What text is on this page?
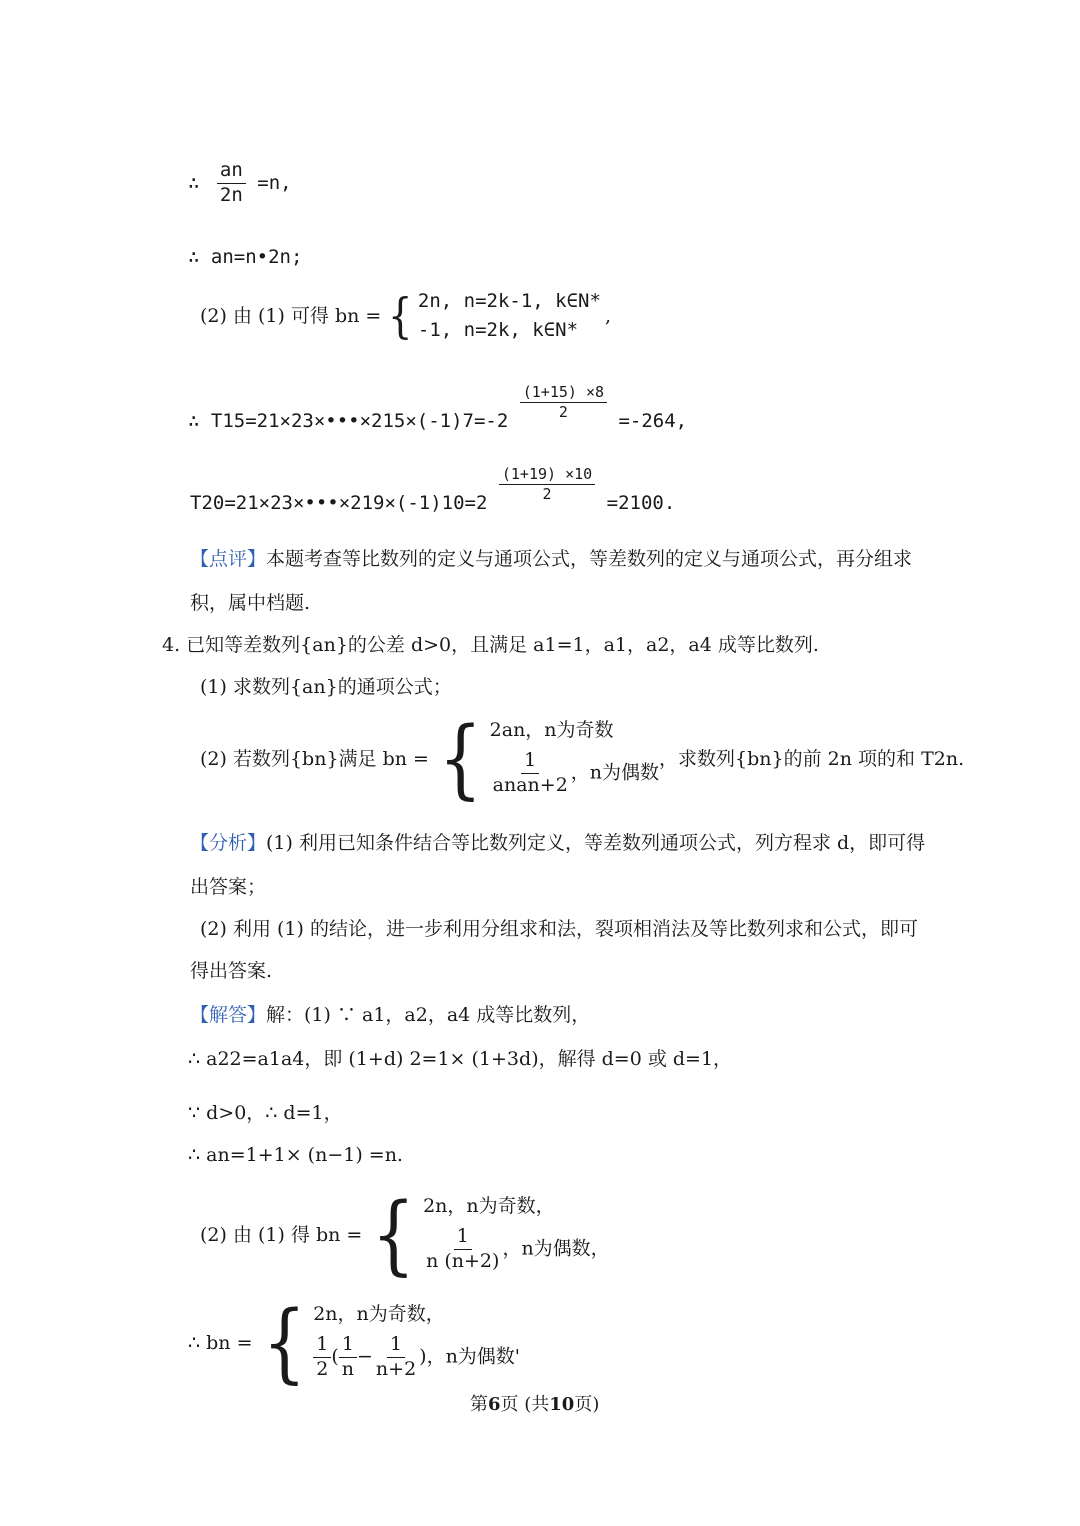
∴ $\frac{an}{2n} =n$,
∴ an=n•2n;
(2) 由 (1) 可得 bn = { 2n, n=2k-1, k∈N*
-1, n=2k, k∈N*
,
∴ T15=21×23×•••×215×(-1)7=-2 $\frac{(1+15) \times 8}{2} =-264$,
T20=21×23×•••×219×(-1)10=2 $\frac{(1+19) \times 10}{2} =2100$.
【点评】本题考查等比数列的定义与通项公式，等差数列的定义与通项公式，再分组求
积，属中档题.
4. 已知等差数列{an}的公差 d>0，且满足 a1=1，a1，a2，a4 成等比数列.
(1) 求数列{an}的通项公式；
(2) 若数列{bn}满足 bn = { 2an，n为奇数
$\frac{1}{\text{anan+2}}$ ，n为偶数
，求数列{bn}的前 2n 项的和 T2n.
【分析】(1) 利用已知条件结合等比数列定义，等差数列通项公式，列方程求 d，即可得
出答案；
(2) 利用 (1) 的结论，进一步利用分组求和法，裂项相消法及等比数列求和公式，即可
得出答案.
【解答】解：(1) ∵ a1，a2，a4 成等比数列，
∴ a22=a1a4，即 (1+d) 2=1× (1+3d)，解得 d=0 或 d=1，
∵ d>0，∴ d=1，
∴ an=1+1× (n−1) =n.
(2) 由 (1) 得 bn = { 2n，n为奇数，
$\frac{1}{n (n+2)}$ ，n为偶数，
∴ bn = { 2n，n为奇数，
$\frac{1}{2}$ ( $\frac{1}{n} - \frac{1}{n+2}$ )，n为偶数'
第6页 (共10页)
